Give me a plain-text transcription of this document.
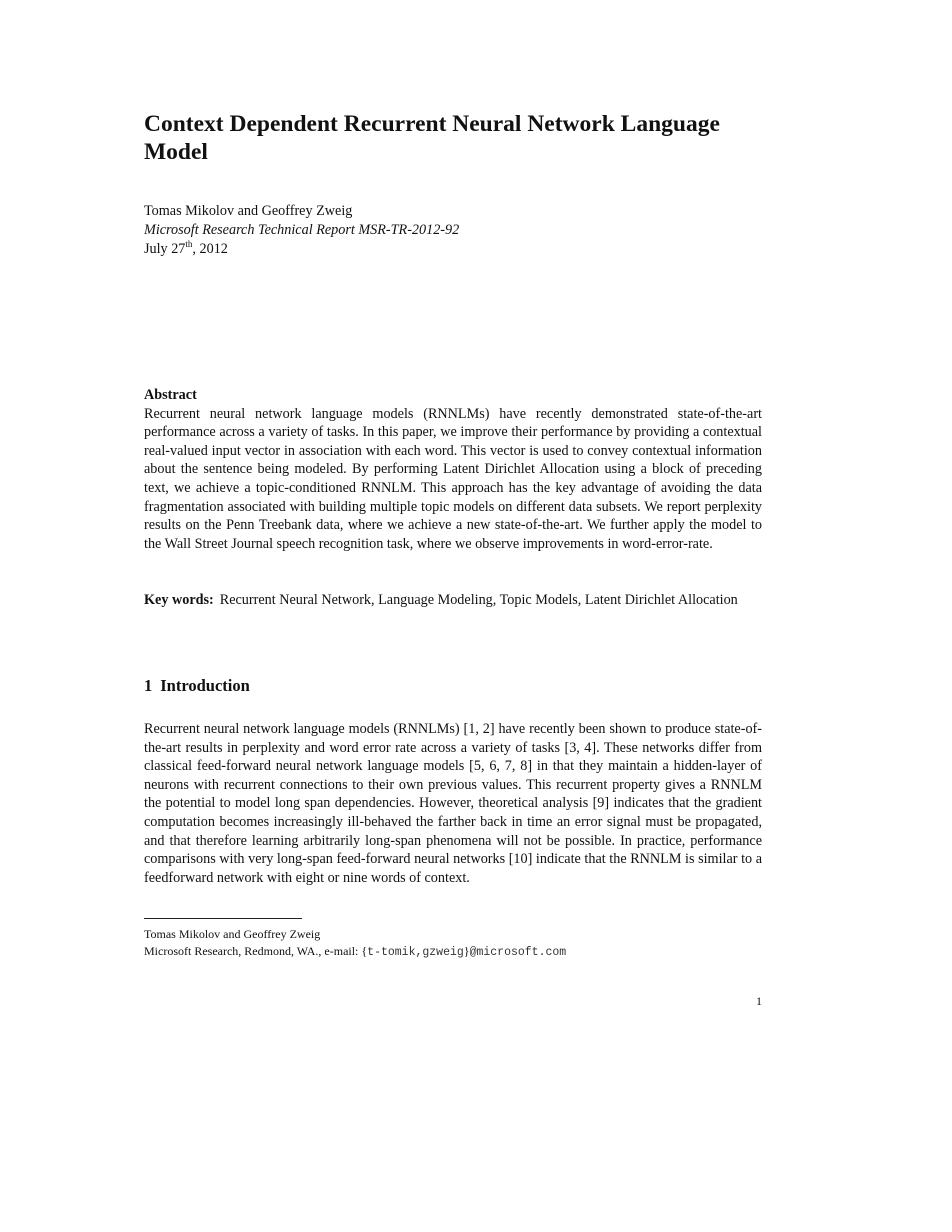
Context Dependent Recurrent Neural Network Language Model
Tomas Mikolov and Geoffrey Zweig
Microsoft Research Technical Report MSR-TR-2012-92
July 27th, 2012
Abstract
Recurrent neural network language models (RNNLMs) have recently demonstrated state-of-the-art performance across a variety of tasks. In this paper, we improve their performance by providing a contextual real-valued input vector in association with each word. This vector is used to convey contextual information about the sentence being modeled. By performing Latent Dirichlet Allocation using a block of preceding text, we achieve a topic-conditioned RNNLM. This approach has the key advantage of avoiding the data fragmentation associated with building multiple topic models on different data subsets. We report perplexity results on the Penn Treebank data, where we achieve a new state-of-the-art. We further apply the model to the Wall Street Journal speech recognition task, where we observe improvements in word-error-rate.
Key words: Recurrent Neural Network, Language Modeling, Topic Models, Latent Dirichlet Allocation
1 Introduction
Recurrent neural network language models (RNNLMs) [1, 2] have recently been shown to produce state-of-the-art results in perplexity and word error rate across a variety of tasks [3, 4]. These networks differ from classical feed-forward neural network language models [5, 6, 7, 8] in that they maintain a hidden-layer of neurons with recurrent connections to their own previous values. This recurrent property gives a RNNLM the potential to model long span dependencies. However, theoretical analysis [9] indicates that the gradient computation becomes increasingly ill-behaved the farther back in time an error signal must be propagated, and that therefore learning arbitrarily long-span phenomena will not be possible. In practice, performance comparisons with very long-span feed-forward neural networks [10] indicate that the RNNLM is similar to a feedforward network with eight or nine words of context.
Tomas Mikolov and Geoffrey Zweig
Microsoft Research, Redmond, WA., e-mail: {t-tomik,gzweig}@microsoft.com
1
